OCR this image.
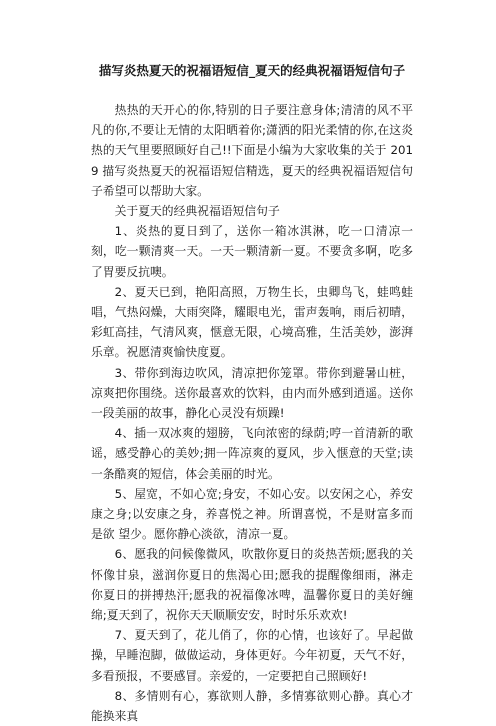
描写炎热夏天的祝福语短信_夏天的经典祝福语短信句子

热热的天开心的你,特别的日子要注意身体;清清的风不平凡的你,不要让无情的太阳晒着你;潇洒的阳光柔情的你,在这炎热的天气里要照顾好自己!!下面是小编为大家收集的关于 2019 描写炎热夏天的祝福语短信精选，夏天的经典祝福语短信句子希望可以帮助大家。

关于夏天的经典祝福语短信句子

1、炎热的夏日到了，送你一箱冰淇淋，吃一口清凉一刻，吃一颗清爽一天。一天一颗清新一夏。不要贪多啊，吃多了胃要反抗噢。

2、夏天已到，艳阳高照，万物生长，虫卿鸟飞，蛙鸣蛙唱，气热闷燥，大雨突降，耀眼电光，雷声轰响，雨后初晴，彩虹高挂，气清风爽，惬意无限，心境高雅，生活美妙，澎湃乐章。祝愿清爽愉快度夏。

3、带你到海边吹风，清凉把你笼罩。带你到避暑山桩，凉爽把你围绕。送你最喜欢的饮料，由内而外感到逍遥。送你一段美丽的故事，静化心灵没有烦躁!

4、插一双冰爽的翅膀，飞向浓密的绿荫;哼一首清新的歌谣，感受静心的美妙;拥一阵凉爽的夏风，步入惬意的天堂;读一条酷爽的短信，体会美丽的时光。

5、屋宽，不如心宽;身安，不如心安。以安闲之心，养安康之身;以安康之身，养喜悦之神。所谓喜悦，不是财富多而是欲 望少。愿你静心淡欲，清凉一夏。

6、愿我的问候像微风，吹散你夏日的炎热苦烦;愿我的关怀像甘泉，滋润你夏日的焦渴心田;愿我的提醒像细雨，淋走你夏日的拼搏热汗;愿我的祝福像冰啤，温馨你夏日的美好缠绵;夏天到了，祝你天天顺顺安安，时时乐乐欢欢!

7、夏天到了，花儿俏了，你的心情，也该好了。早起做操，早睡泡脚，做做运动，身体更好。今年初夏，天气不好，多看预报，不要感冒。亲爱的，一定要把自己照顾好!

8、多情则有心，寡欲则人静，多情寡欲则心静。真心才能换来真
